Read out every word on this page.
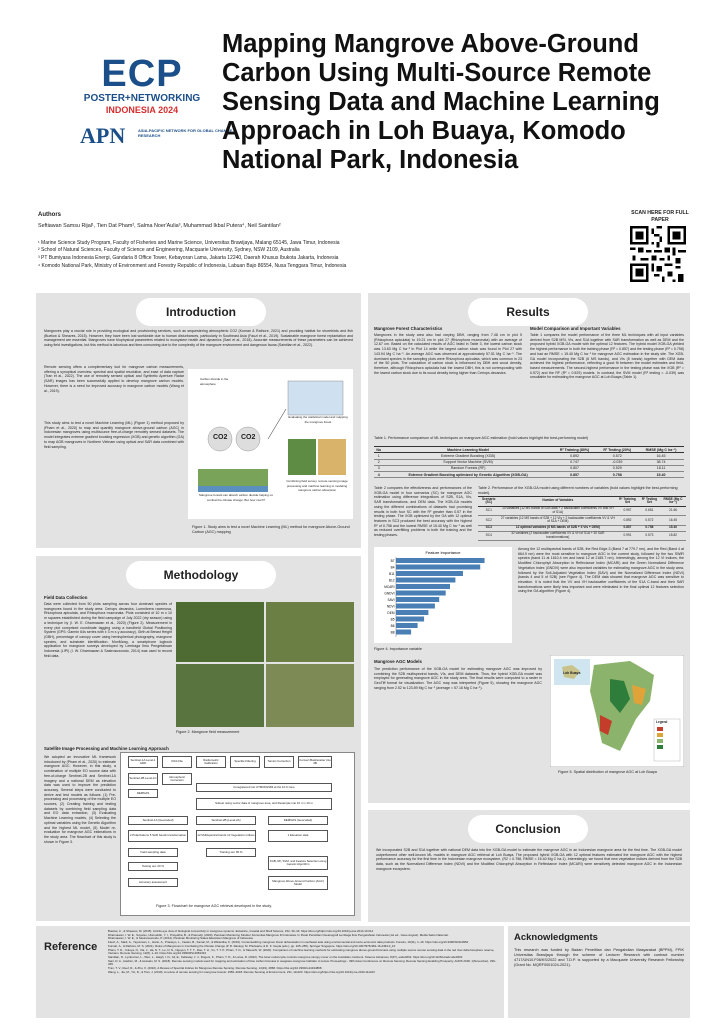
ECP
POSTER+NETWORKING
INDONESIA 2024
APN	ASIA-PACIFIC NETWORK FOR GLOBAL CHANGE RESEARCH
Mapping Mangrove Above-Ground Carbon Using Multi-Source Remote Sensing Data and Machine Learning Approach in Loh Buaya, Komodo National Park, Indonesia
Authors
Seftiawan Samsu Rijal¹, Tien Dat Pham², Salma Noer'Aulia³, Muhammad Ikbal Putera⁴, Neil Saintilan²
¹ Marine Science Study Program, Faculty of Fisheries and Marine Science, Universitas Brawijaya, Malang 65145, Jawa Timur, Indonesia
² School of Natural Sciences, Faculty of Science and Engineering, Macquarie University, Sydney, NSW 2109, Australia
³ PT Bumiyasa Indonesia Energi, Gandaria 8 Office Tower, Kebayoran Lama, Jakarta 12240, Daerah Khusus Ibukota Jakarta, Indonesia
⁴ Komodo National Park, Ministry of Environment and Forestry Republic of Indonesia, Labuan Bajo 86554, Nusa Tenggara Timur, Indonesia
SCAN HERE FOR FULL PAPER
Introduction
Mangroves play a crucial role in providing ecological and provisioning services, such as sequestering atmospheric CO2 (Kuman & Rathore, 2021) and providing habitat for shorebirds and fish (Buelow & Sheaves, 2015). However, they have been lost worldwide due to human disturbances, particularly in Southeast Asia (Fauzi et al., 2019). Sustainable mangrove forest replantation and management are essential. Mangroves have biophysical parameters related to ecosystem health and dynamics (Sani et al., 2018). Accurate measurements of these parameters can be achieved using field investigations, but this method is laborious and time-consuming due to the complexity of the mangrove environment and dangerous fauna (Saintilan et al., 2022).
Remote sensing offers a complementary tool for mangrove carbon measurements, offering a synoptical overview, spectral and spatial resolution, and ease of data capture (Tran et al., 2022). The use of remotely sensed optical and Synthetic Aperture Radar (SAR) images has been successfully applied to develop mangrove carbon models. However, there is a need for improved accuracy in mangrove carbon models (Wang et al., 2019).
This study aims to test a novel Machine Learning (ML) (Figure 1) method proposed by (Pham et al., 2020) to map and quantify mangrove above-ground carbon (AGC) in Indonesian mangroves using multisource free-of-charge remotely sensed datasets. The model integrates extreme gradient boosting regression (XGB) and genetic algorithm (GA) to map AGB mangroves in Northern Vietnam using optical and SAR data combined with field sampling.
Carbon dioxide in the atmosphere
CO2 CO2
Mangrove forests can absorb carbon dioxide helping us combat the climate change. But how much?
Evaluating the statistical model and mapping the mangrove forest
Combining field survey, remote sensing image processing and machine learning to modeling mangrove carbon absorption
Figure 1. Study aims to test a novel Machine Learning (ML) method for mangrove Above-Ground Carbon (AGC) mapping
Methodology
Field Data Collection
Data were collected from 50 plots sampling across four dominant species of mangroves found in the study area: Ceriops decandra, Lumnitzera racemosa, Rhizophora apiculata, and Rhizophora mucronata. Plots consisted of 10 m x 10 m squares established during the field campaign of July 2022 (dry season) using a technique by (I. W. E. Dharmawan et al., 2020) (Figure 2). Measurement in every plot comprised coordinate tagging using a handheld Global Positioning System (GPS: Garmin 64s series with ± 3 m x-y accuracy), Girth at Breast Height (GBH), percentage of canopy cover using hemispherical photography, mangrove species, and substrate identification. MonMang, a smartphone logbook application for mangrove surveys developed by Lembaga Ilmu Pengetahuan Indonesia (LIPI) (I. W. Dharmawan & Sastrosuwondo, 2014) was used to record field data.
Figure 2. Mangrove field measurement
Satellite Image Processing and Machine Learning Approach
We adopted an innovative ML framework introduced by (Pham et al., 2020) to estimate mangrove AGC. However, in this study, a combination of multiple EO source data with free-of-charge Sentinel-2B and Sentinel-1A imagery and a national DEM as elevation data was used to improve the prediction accuracy. Several steps were conducted to derive and test models as follows: (1) Pre-processing and processing of the multiple EO sources, (2) Creating training and testing datasets by combining field sampling data and EO data extraction, (3) Evaluating Machine Learning models, (4) Selecting the optimal variables using the Genetic Algorithm and the highest ML model, (5) Model re-evaluation for mangrove AGC estimations in the study area. The flowchart of this study is shown in Figure 3.
Sentinel-1A Level-1 GRD	Orbit File	Radiometric Calibration	Speckle Filtering	Terrain Correction	Convert Backscatter into dB
Sentinel-2B Level-1C	Atmospheric Correction
DEMNAS
Coregistered into UTM/WGS84 at the 10.0 zone
Subset using vector data of mangrove area, and Resample into 10 m x 10 m
Sentinel-1A (Geocoded)	Sentinel-2B (Level-2A)	DEMNAS (Geocoded)
2 Polarizations 5 SAR bands transformation	12 Multispectral bands 12 Vegetation indices	1 Elevation data
Field sampling data	Training set: 80 %
Testing set: 20 %
XGB, RF, SVM, and Feature Selection using Genetic Algorithm
Accuracy assessment	Mangrove Above-Ground Carbon (AGC) Model
Figure 3. Flowchart for mangrove AGC retrieval developed in the study.
Results
Mangrove Forest Characteristics
Mangroves in the study area also had varying DBH, ranging from 7.48 cm in plot 5 (Rhizophora apiculata) to 19.21 cm in plot 27 (Rhizophora mucronata) with an average of 12.67 cm. Based on the calculated results of AGC listed in Table 3, the lowest carbon stock was 13.63 Mg C ha⁻¹ in Plot 14 while the largest carbon stock was found in Plot 27 with 143.94 Mg C ha⁻¹. An average AGC was observed at approximately 57.51 Mg C ha⁻¹. The dominant species in the sampling plots were Rhizophora apiculata, which was common in 23 of the 50 plots. The calculation of carbon stock is influenced by DBH and wood density, therefore, although Rhizophora apiculata had the lowest DBH, this is not corresponding with the lowest carbon stock due to its wood density being higher than Ceriops decandra.
Model Comparison and Important Variables
Table 1 compares the model performance of the three ML techniques with all input variables derived from S2B MSI, VIs, and S1A together with SAR transformation as well as DEM and the proposed hybrid XGB-GA model with the optimal 12 features. The hybrid model XGB-GA yielded the highest performance in both the training phase (R² = 0.857) and the testing phase (R² = 0.758) and had an RMSE = 15.40 Mg C ha⁻¹ for mangrove AGC estimation in the study site. The XGB-GA model incorporating the S2B (6 MS bands), and VIs (5 bands) together with DEM data achieved the highest performance, reflecting a good fit between the model estimates and field-based measurements. The second-highest performance in the testing phase was the XGB (R² = 0.572) and the RF (R² = 0.529) models. In contrast, the SVM model (R² testing = -0.039) was unsuitable for estimating the mangrove AGC at Loh Buaya (Table 1).
Table 1. Performance comparison of ML techniques on mangrove AGC estimation (bold values highlight the best-performing model)
No	Machine Learning Model	R² Training (80%)	R² Testing (20%)	RMSE (Mg C ha⁻¹)
1	Extreme Gradient Boosting (XGB)	0.892	0.572	16.45
2	Support Vector Machine (SVM)	0.747	-0.039	38.74
3	Random Forests (RF)	0.807	0.529	18.11
4	Extreme Gradient Boosting optimized by Genetic Algorithm (XGB-GA)	0.857	0.758	15.40
Table 2 compares the effectiveness and performances of the XGB-GA model in four scenarios (SC) for mangrove AGC estimation using difference integrations of S2B, S1A, VIs, SAR transformations, and DEM data. The XGB-GA models using the different combinations of datasets had promising results in both four SC with the R² greater than 0.57 in the testing phase. The XGB optimized by the GA with 12 optimal features in SC3 produced the best accuracy with the highest R² of 0.758 and the lowest RMSE of 15.40 Mg C ha⁻¹ as well as reduced overfitting problems in both the training and the testing phases.
Table 2. Performance of the XGB-GA model using different numbers of variables (bold values highlight the best-performing model).
Scenario (SC)	Number of Variables	R² Training Set	R² Testing Set	RMSE (Mg C ha⁻¹)
SC1	14 variables (12 MS bands of S2B data + 2 backscatter coefficients VV and VH of S1A)	0.997	0.651	21.66
SC2	27 variables (12 MS bands of S2B + 12 VIs + 2 backscatter coefficients VV & VH of S1A + DEM)	0.892	0.572	16.45
SC3	12 optimal variables (6 MS bands of S2B + 5 VIs + DEM)	0.857	0.758	15.40
SC4	32 variables (2 backscatter coefficients VV & VH of S1A + 30 SAR transformations)	0.991	0.573	15.82
Feature Importance
B7
B4
B11
B12
MCARI
GNDVI
SAVI
NDVI
DEM
B5
B6
B8
Figure 4. Importance variable
Among the 12 multispectral bands of S2B, the Red Edge-3 (Band 7 at 779.7 nm), and the Red (Band 4 at 664.9 nm) were the most sensitive to mangrove AGC in the current study, followed by the two SWIR spectra (band 11 at 1610.4 nm and band 12 at 2185.7 nm). Interestingly, among the 12 VI indices, the Modified Chlorophyll Absorption in Reflectance Index (MCARI) and the Green Normalized Difference Vegetation Index (GNDVI) were also important variables for estimating mangrove AGC in the study area, followed by the Soil-Adjusted Vegetation Index (SAVI) and the Normalized Difference Index (NDVI) (bands 4 and 5 of S2B) (see Figure 4). The DEM data showed that mangrove AGC was sensitive to elevation. It is noted that the VV and VH backscatter coefficients of the S1A C-band and their SAR transformations were likely less important and were eliminated in the final optimal 12 features selection using the GA algorithm (Figure 4).
Mangrove AGC Models
The prediction performance of the XGB-GA model for estimating mangrove AGC was improved by combining the S2B multispectral bands, VIs, and DEM datasets. Thus, the hybrid XGB-GA model was employed for generating mangrove AGC in the study area. The final results were computed to a raster in GeoTiff format for visualization. The AGC map was interpreted (Figure 5), showing the mangrove AGC ranging from 2.52 to 123.89 Mg C ha⁻¹ (average = 57.16 Mg C ha⁻¹).
Loh Buaya
Legend
Figure 5. Spatial distribution of mangrove AGC at Loh Buaya
Conclusion
We incorporated S2B and S1A together with national DEM data into the XGB-GA model to estimate the mangrove AGC in an Indonesian mangrove area for the first time. The XGB-GA model outperformed other well-known ML models in mangrove AGC retrieval at Loh Buaya. The proposed hybrid XGB-GA with 12 optimal features estimated the mangrove AGC with the highest performance accuracy for the first time in the Indonesian mangrove ecosystem. (R2 = 0.758, RMSE = 15.40 Mg C ha-1). Interestingly, we found that new vegetation indices derived from the S2B data, such as the Normalized Difference Index (NDVI) and the Modified Chlorophyll Absorption in Reflectance Index (MCARI) were sensitively detected mangrove AGC in the Indonesian mangrove ecosystem.
Reference
Buelow, C., & Sheaves, M. (2015). A birds-eye view of biological connectivity in mangrove systems. Estuarine, Coastal and Shelf Science, 152, 33–43. https://doi.org/https://doi.org/10.1016/j.ecss.2014.10.014
Dharmawan, I. W. E., Suyarso, Ulumuddin, Y. I., Prayudha, B., & Pramudji. (2020). Panduan Monitoring Struktur Komunitas Mangrove Di Indonesia. In Pusat Penelitian Oseanografi Lembaga Ilmu Pengetahuan Indonesia (1st ed., Issue August). Media Sains Nasional.
Dharmawan, I. W. E., & Sastrosuwondo, P. (2014). Panduan Monitoring Status Ekosistem Mangrove di Indonesia.
Fauzi, A., Sakti, A., Yayusman, L., Harto, A., Prasetyo, L., Irawan, B., Kamal, M., & Wikantika, K. (2019). Contextualizing mangrove forest deforestation in southeast asia using environmental and socio-economic data products. Forests, 10(11), 1–16. https://doi.org/10.3390/f10110952
Kumari, A., & Rathore, M. S. (2021). Roles of Mangroves in Combating the Climate Change (P. R. Rastogi, M. Phulwaria, & D. K. Gupta (eds.); pp. 225–255). Springer Singapore. https://doi.org/10.1007/978-981-16-2494-0_10
Pham, T. D., Yokoya, N., Xia, J., Ha, N. T., Le, N. N., Nguyen, T. T. T., Dao, T. H., Vu, T. T. P., Pham, T. D., & Takeuchi, W. (2020). Comparison of machine learning methods for estimating mangrove above-ground biomass using multiple source remote sensing data in the red river delta biosphere reserve, Vietnam. Remote Sensing, 12(8), 1–24. https://doi.org/10.3390/RS12081334
Saintilan, N., Lymburner, L., Wen, L., Haigh, I. D., Ali, E., Kelleway, J. J., Rogers, K., Pham, T. D., & Lucas, R. (2022). The lunar nodal cycle controls mangrove canopy cover on the Australian continent. Science Advances, 8(37), eabo4602. https://doi.org/10.1126/sciadv.abo4602
Sani, D. A., Hashim, M., & Hossain, M. S. (2018). Remote sensing models used for mapping and estimation of blue carbon biomass in seagrass-mangrove habitats: A review. Proceedings - 39th Asian Conference on Remote Sensing: Remote Sensing Enabling Prosperity, ACRS 2018, 1(November), 336–345.
Tran, T. V., Reef, R., & Zhu, X. (2022). A Review of Spectral Indices for Mangrove Remote Sensing. Remote Sensing, 14(19), 4868. https://doi.org/10.3390/rs14194868
Wang, L., Jia, M., Yin, D., & Tian, J. (2019). A review of remote sensing for mangrove forests: 1956–2018. Remote Sensing of Environment, 231, 111223. https://doi.org/https://doi.org/10.1016/j.rse.2019.111223
Acknowledgments
This research was funded by Badan Penelitian dan Pengabdian Masyarakat (BPPM), FPIK Universitas Brawijaya through the scheme of Lecturer Research with contract number 4717/UN10.F06/KS/2022 and T.D.P. is supported by a Macquarie University Research Fellowship (Grant No. MQRF0001024-2021).
